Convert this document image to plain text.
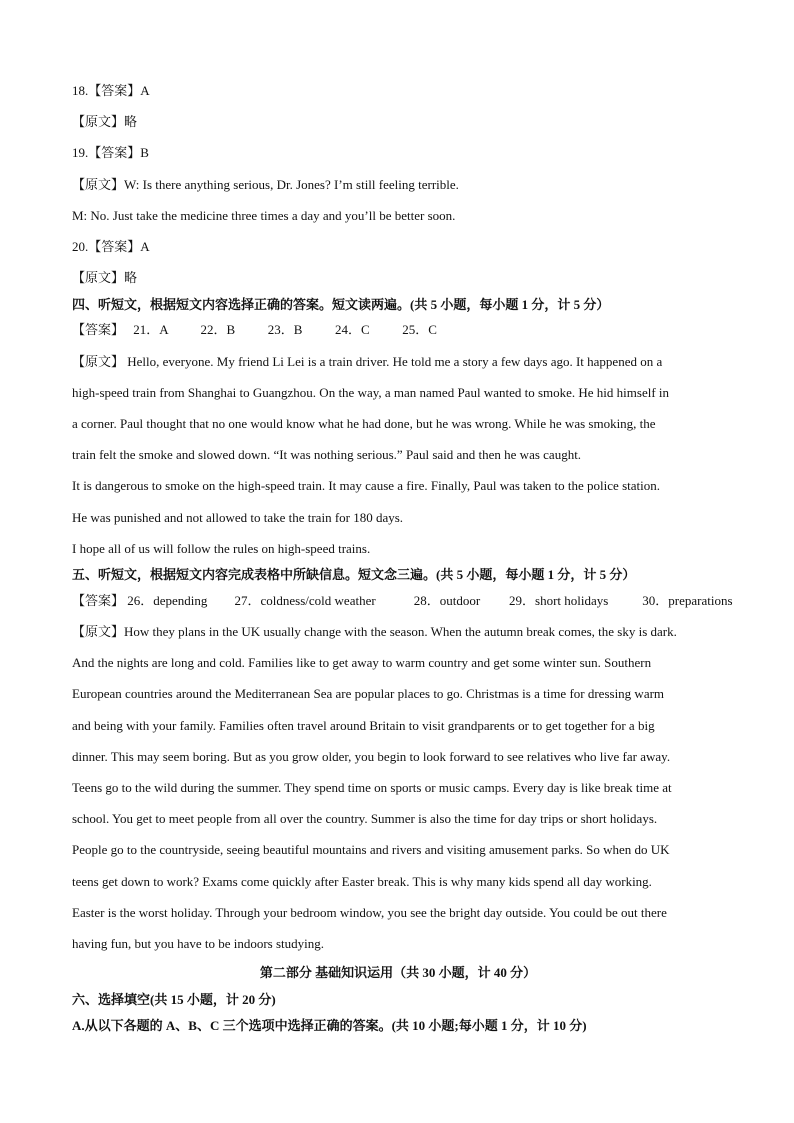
18.【答案】A
【原文】略
19.【答案】B
【原文】W: Is there anything serious, Dr. Jones? I’m still feeling terrible.
M: No. Just take the medicine three times a day and you’ll be better soon.
20.【答案】A
【原文】略
四、听短文，根据短文内容选择正确的答案。短文读两遍。(共 5 小题，每小题 1 分，计 5 分）
【答案】 21．A 22．B	23．B	24．C	25．C
【原文】 Hello, everyone. My friend Li Lei is a train driver. He told me a story a few days ago. It happened on a
high-speed train from Shanghai to Guangzhou. On the way, a man named Paul wanted to smoke. He hid himself in
a corner. Paul thought that no one would know what he had done, but he was wrong. While he was smoking, the
train felt the smoke and slowed down. “It was nothing serious.” Paul said and then he was caught.
It is dangerous to smoke on the high-speed train. It may cause a fire. Finally, Paul was taken to the police station.
He was punished and not allowed to take the train for 180 days.
I hope all of us will follow the rules on high-speed trains.
五、听短文，根据短文内容完成表格中所缺信息。短文念三遍。(共 5 小题，每小题 1 分，计 5 分）
【答案】 26．depending 27．coldness/cold weather	28．outdoor 29．short holidays	30．preparations
【原文】How they plans in the UK usually change with the season. When the autumn break comes, the sky is dark.
And the nights are long and cold. Families like to get away to warm country and get some winter sun. Southern
European countries around the Mediterranean Sea are popular places to go. Christmas is a time for dressing warm
and being with your family. Families often travel around Britain to visit grandparents or to get together for a big
dinner. This may seem boring. But as you grow older, you begin to look forward to see relatives who live far away.
Teens go to the wild during the summer. They spend time on sports or music camps. Every day is like break time at
school. You get to meet people from all over the country. Summer is also the time for day trips or short holidays.
People go to the countryside, seeing beautiful mountains and rivers and visiting amusement parks. So when do UK
teens get down to work? Exams come quickly after Easter break. This is why many kids spend all day working.
Easter is the worst holiday. Through your bedroom window, you see the bright day outside. You could be out there
having fun, but you have to be indoors studying.
第二部分 基础知识运用（共 30 小题，计 40 分）
六、选择填空(共 15 小题，计 20 分)
A.从以下各题的 A、B、C 三个选项中选择正确的答案。(共 10 小题;每小题 1 分，计 10 分)
